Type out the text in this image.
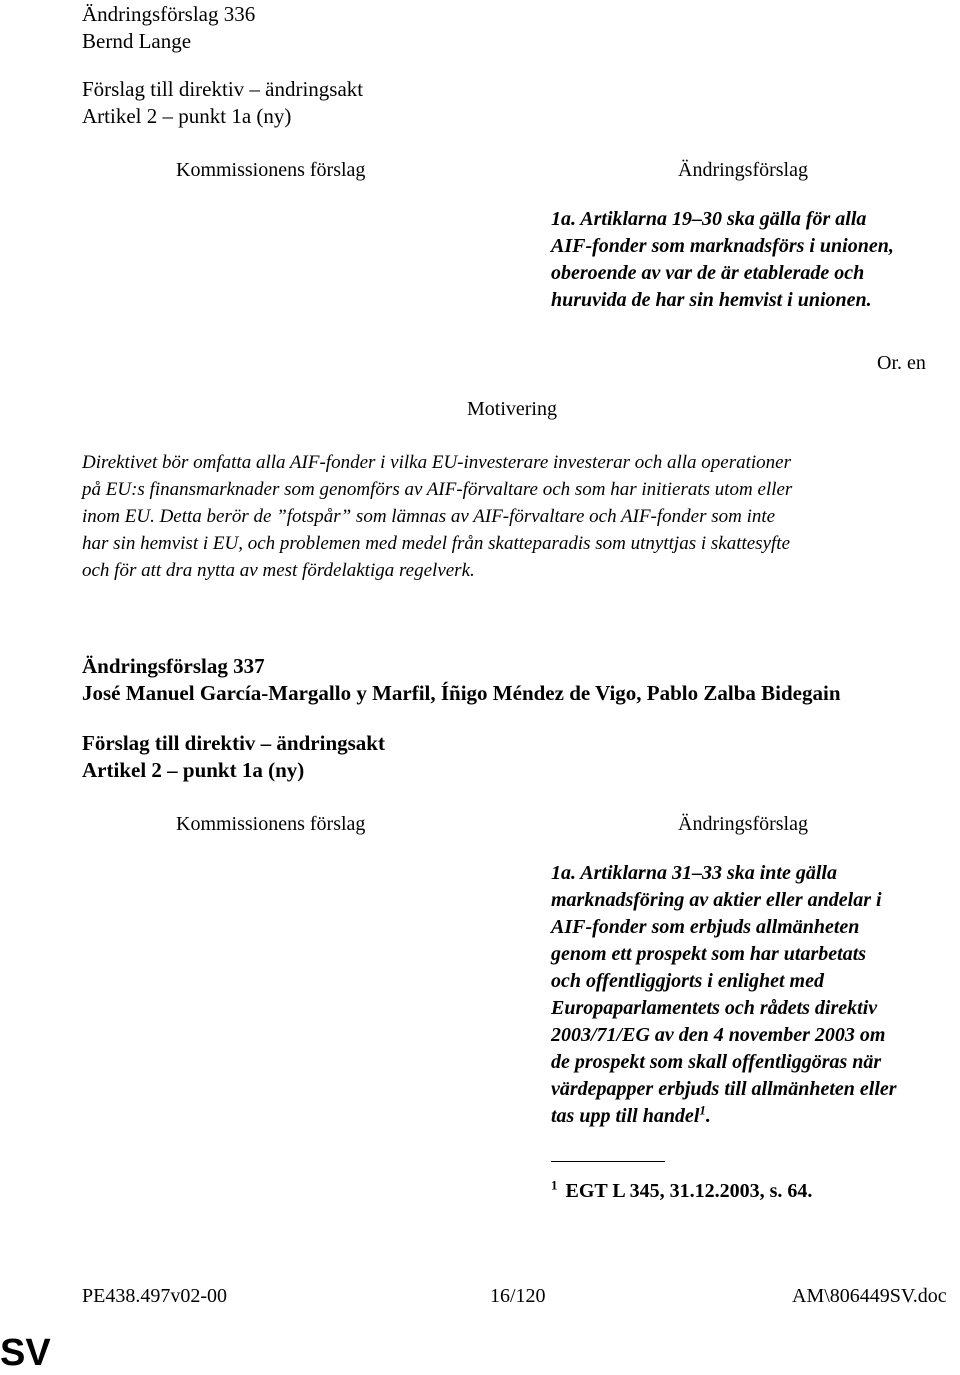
Ändringsförslag 336
Bernd Lange
Förslag till direktiv – ändringsakt
Artikel 2 – punkt 1a (ny)
Kommissionens förslag	Ändringsförslag
1a. Artiklarna 19–30 ska gälla för alla
AIF-fonder som marknadsförs i unionen,
oberoende av var de är etablerade och
huruvida de har sin hemvist i unionen.
Or. en
Motivering
Direktivet bör omfatta alla AIF-fonder i vilka EU-investerare investerar och alla operationer
på EU:s finansmarknader som genomförs av AIF-förvaltare och som har initierats utom eller
inom EU. Detta berör de ”fotspår” som lämnas av AIF-förvaltare och AIF-fonder som inte
har sin hemvist i EU, och problemen med medel från skatteparadis som utnyttjas i skattesyfte
och för att dra nytta av mest fördelaktiga regelverk.
Ändringsförslag 337
José Manuel García-Margallo y Marfil, Íñigo Méndez de Vigo, Pablo Zalba Bidegain
Förslag till direktiv – ändringsakt
Artikel 2 – punkt 1a (ny)
Kommissionens förslag	Ändringsförslag
1a. Artiklarna 31–33 ska inte gälla
marknadsföring av aktier eller andelar i
AIF-fonder som erbjuds allmänheten
genom ett prospekt som har utarbetats
och offentliggjorts i enlighet med
Europaparlamentets och rådets direktiv
2003/71/EG av den 4 november 2003 om
de prospekt som skall offentliggöras när
värdepapper erbjuds till allmänheten eller
tas upp till handel$^1$.
$^1$ EGT L 345, 31.12.2003, s. 64.
PE438.497v02-00	16/120	AM\806449SV.doc
SV
